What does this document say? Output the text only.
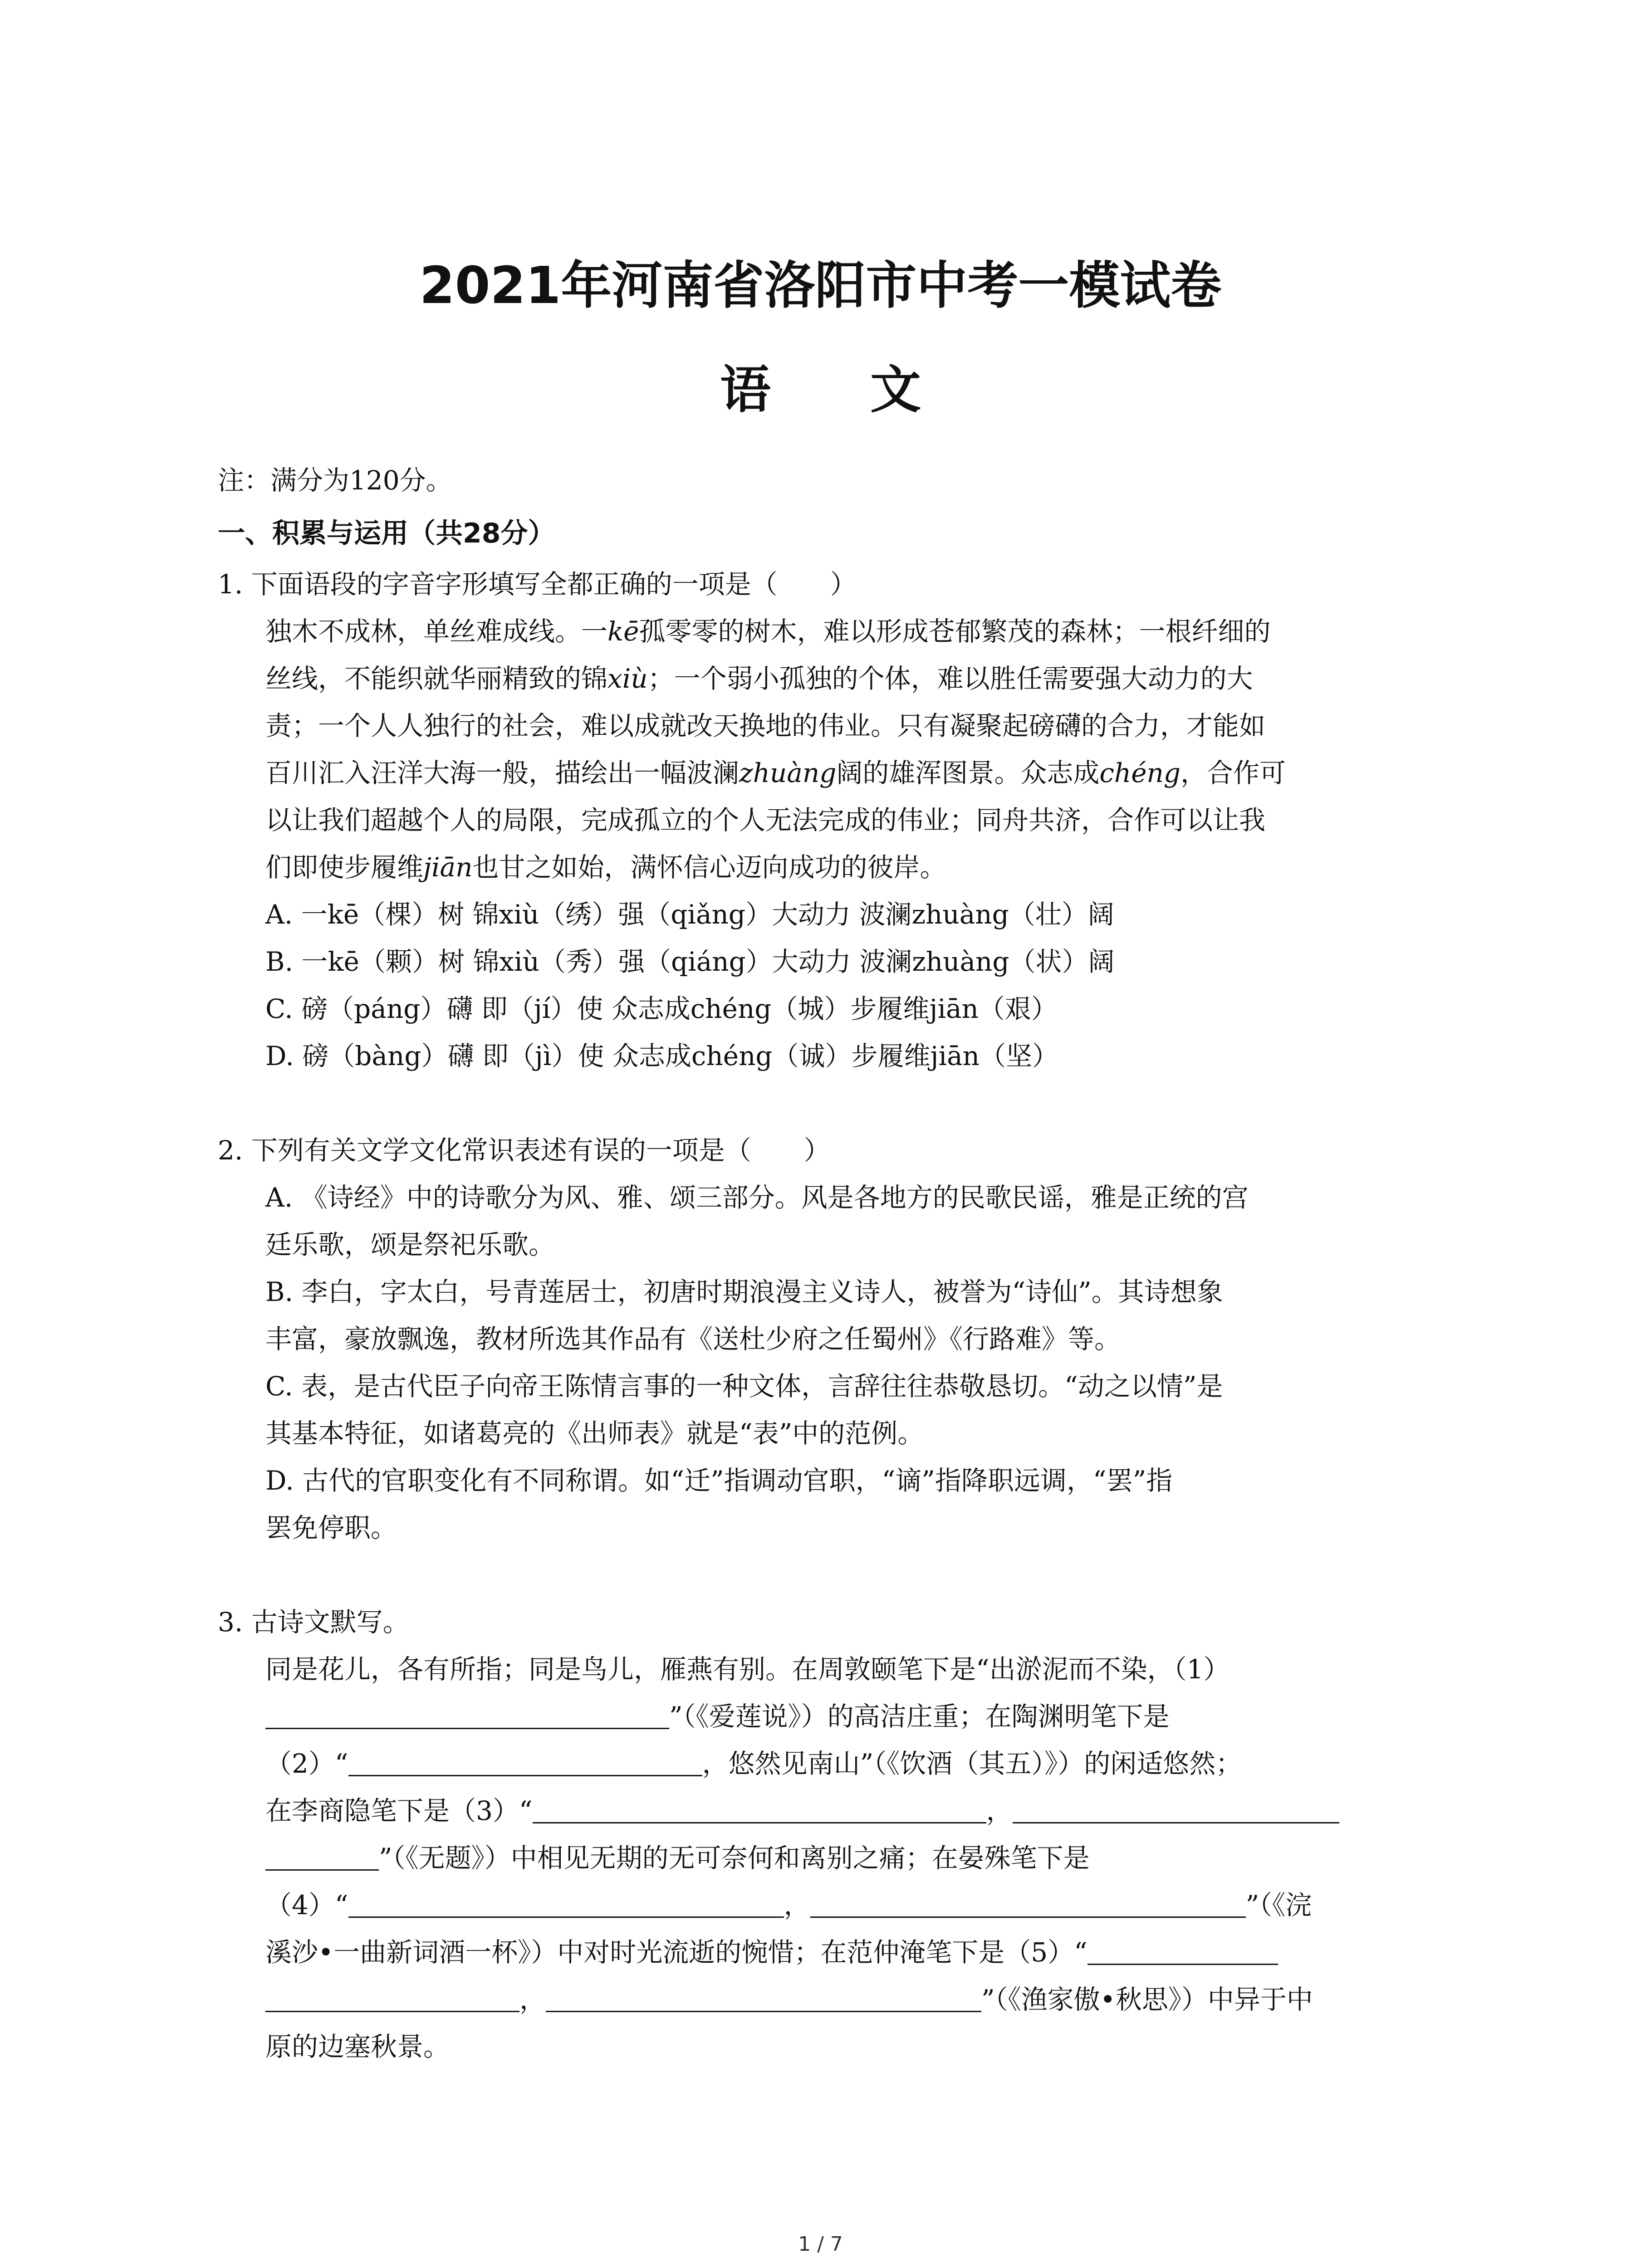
2021年河南省洛阳市中考一模试卷
语 文
注：满分为120分。
一、积累与运用（共28分）

1. 下面语段的字音字形填写全都正确的一项是（　　）

独木不成林，单丝难成线。一kē孤零零的树木，难以形成苍郁繁茂的森林；一根纤细的

丝线，不能织就华丽精致的锦xiù；一个弱小孤独的个体，难以胜任需要强大动力的大

责；一个人人独行的社会，难以成就改天换地的伟业。只有凝聚起磅礴的合力，才能如

百川汇入汪洋大海一般，描绘出一幅波澜zhuàng阔的雄浑图景。众志成chéng，合作可

以让我们超越个人的局限，完成孤立的个人无法完成的伟业；同舟共济，合作可以让我

们即使步履维jiān也甘之如始，满怀信心迈向成功的彼岸。

A. 一kē（棵）树 锦xiù（绣）强（qiǎng）大动力 波澜zhuàng（壮）阔

B. 一kē（颗）树 锦xiù（秀）强（qiáng）大动力 波澜zhuàng（状）阔

C. 磅（páng）礴 即（jí）使 众志成chéng（城）步履维jiān（艰）

D. 磅（bàng）礴 即（jì）使 众志成chéng（诚）步履维jiān（坚）

2. 下列有关文学文化常识表述有误的一项是（　　）

A. 《诗经》中的诗歌分为风、雅、颂三部分。风是各地方的民歌民谣，雅是正统的宫

廷乐歌，颂是祭祀乐歌。

B. 李白，字太白，号青莲居士，初唐时期浪漫主义诗人，被誉为“诗仙”。其诗想象

丰富，豪放飘逸，教材所选其作品有《送杜少府之任蜀州》《行路难》等。

C. 表，是古代臣子向帝王陈情言事的一种文体，言辞往往恭敬恳切。“动之以情”是

其基本特征，如诸葛亮的《出师表》就是“表”中的范例。

D. 古代的官职变化有不同称谓。如“迁”指调动官职，“谪”指降职远调，“罢”指

罢免停职。

3. 古诗文默写。

同是花儿，各有所指；同是鸟儿，雁燕有别。在周敦颐笔下是“出淤泥而不染，（1）

”（《爱莲说》）的高洁庄重；在陶渊明笔下是

（2）“	，悠然见南山”（《饮酒（其五）》）的闲适悠然；

在李商隐笔下是（3）“	，

”（《无题》）中相见无期的无可奈何和离别之痛；在晏殊笔下是

（4）“	，	”（《浣

溪沙•一曲新词酒一杯》）中对时光流逝的惋惜；在范仲淹笔下是（5）“

，	”（《渔家傲•秋思》）中异于中

原的边塞秋景。

1 / 7
